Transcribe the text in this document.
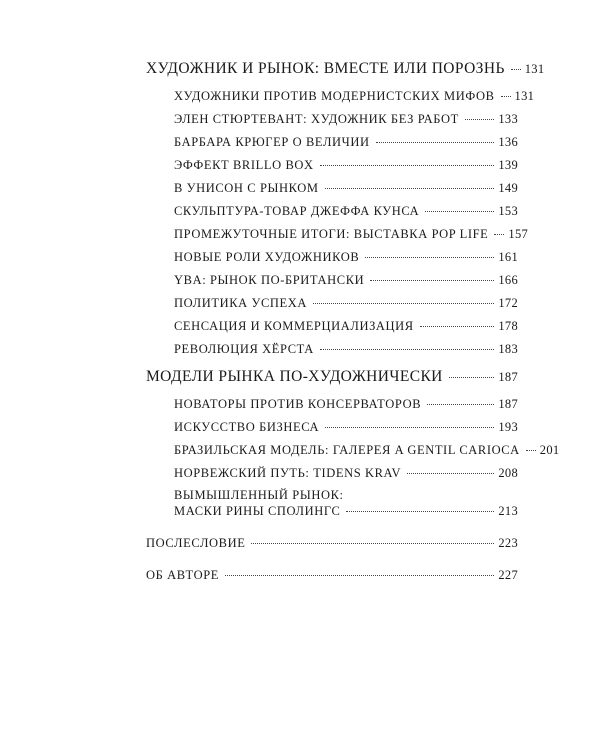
ХУДОЖНИК И РЫНОК: ВМЕСТЕ ИЛИ ПОРОЗНЬ 131
ХУДОЖНИКИ ПРОТИВ МОДЕРНИСТСКИХ МИФОВ 131
ЭЛЕН СТЮРТЕВАНТ: ХУДОЖНИК БЕЗ РАБОТ	133
БАРБАРА КРЮГЕР О ВЕЛИЧИИ	136
ЭФФЕКТ BRILLO BOX	139
В УНИСОН С РЫНКОМ	149
СКУЛЬПТУРА-ТОВАР ДЖЕФФА КУНСА	153
ПРОМЕЖУТОЧНЫЕ ИТОГИ: ВЫСТАВКА POP LIFE 157
НОВЫЕ РОЛИ ХУДОЖНИКОВ	161
YBA: РЫНОК ПО-БРИТАНСКИ	166
ПОЛИТИКА УСПЕХА	172
СЕНСАЦИЯ И КОММЕРЦИАЛИЗАЦИЯ	178
РЕВОЛЮЦИЯ ХЁРСТА	183
МОДЕЛИ РЫНКА ПО-ХУДОЖНИЧЕСКИ	187
НОВАТОРЫ ПРОТИВ КОНСЕРВАТОРОВ	187
ИСКУССТВО БИЗНЕСА	193
БРАЗИЛЬСКАЯ МОДЕЛЬ: ГАЛЕРЕЯ A GENTIL CARIOCA 201
НОРВЕЖСКИЙ ПУТЬ: TIDENS KRAV	208
ВЫМЫШЛЕННЫЙ РЫНОК:
МАСКИ РИНЫ СПОЛИНГС	213
ПОСЛЕСЛОВИЕ	223
ОБ АВТОРЕ	227
